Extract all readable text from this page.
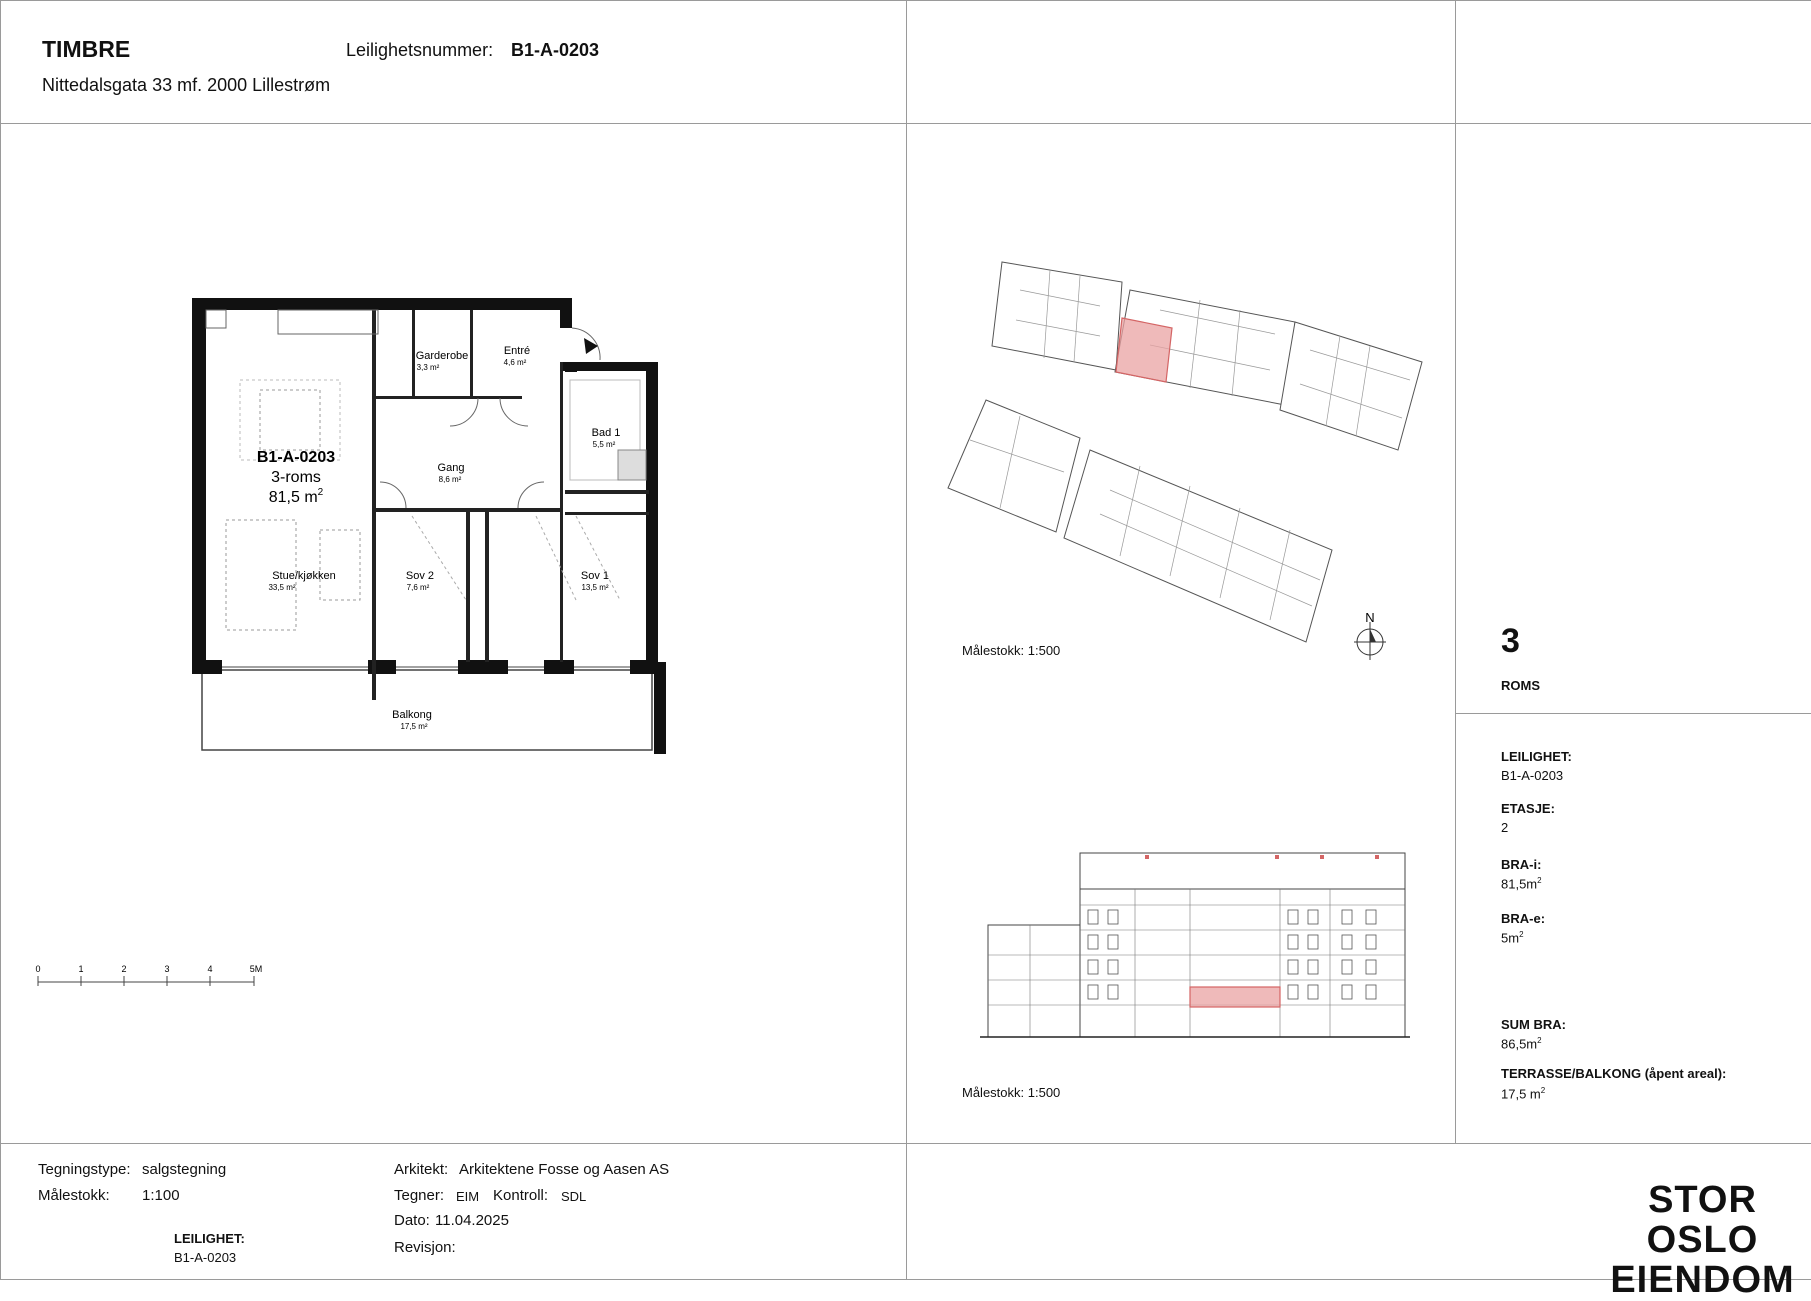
TIMBRE
Nittedalsgata 33 mf. 2000 Lillestrøm
Leilighetsnummer: B1-A-0203
B1-A-0203
3-roms
81,5 $m^2$
Garderobe
3,3 m²
Entré
4,6 m²
Bad 1
5,5 m²
Gang
8,6 m²
Stue/kjøkken
33,5 m²
Sov 2
7,6 m²
Sov 1
13,5 m²
Balkong
17,5 m²
0	1	2	3	4	5M
N
Målestokk: 1:500
Målestokk: 1:500
3
ROMS
LEILIGHET:
B1-A-0203
ETASJE:
2
BRA-i:
$81,5m^2$
BRA-e:
$5m^2$
SUM BRA:
$86,5m^2$
TERRASSE/BALKONG (åpent areal):
17,5 $m^2$
Tegningstype: salgstegning
Målestokk: 1:100
LEILIGHET:
B1-A-0203
Arkitekt: Arkitektene Fosse og Aasen AS
Tegner: EIM Kontroll: SDL
Dato: 11.04.2025
Revisjon:
STOR OSLO
EIENDOM
